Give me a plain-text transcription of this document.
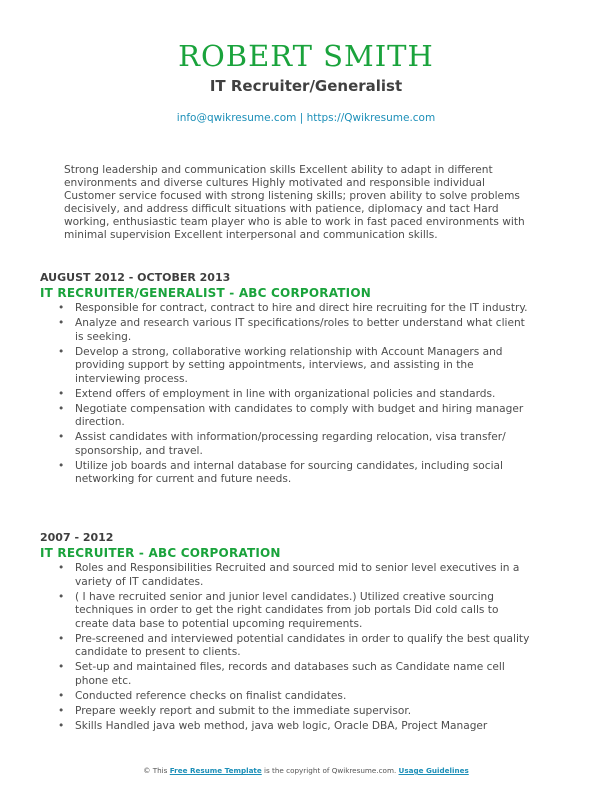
ROBERT SMITH
IT Recruiter/Generalist
info@qwikresume.com | https://Qwikresume.com
Strong leadership and communication skills Excellent ability to adapt in different environments and diverse cultures Highly motivated and responsible individual Customer service focused with strong listening skills; proven ability to solve problems decisively, and address difficult situations with patience, diplomacy and tact Hard working, enthusiastic team player who is able to work in fast paced environments with minimal supervision Excellent interpersonal and communication skills.
AUGUST 2012 - OCTOBER 2013
IT RECRUITER/GENERALIST - ABC CORPORATION
• Responsible for contract, contract to hire and direct hire recruiting for the IT industry.
• Analyze and research various IT specifications/roles to better understand what client is seeking.
• Develop a strong, collaborative working relationship with Account Managers and providing support by setting appointments, interviews, and assisting in the interviewing process.
• Extend offers of employment in line with organizational policies and standards.
• Negotiate compensation with candidates to comply with budget and hiring manager direction.
• Assist candidates with information/processing regarding relocation, visa transfer/ sponsorship, and travel.
• Utilize job boards and internal database for sourcing candidates, including social networking for current and future needs.
2007 - 2012
IT RECRUITER - ABC CORPORATION
• Roles and Responsibilities Recruited and sourced mid to senior level executives in a variety of IT candidates.
• ( I have recruited senior and junior level candidates.) Utilized creative sourcing techniques in order to get the right candidates from job portals Did cold calls to create data base to potential upcoming requirements.
• Pre-screened and interviewed potential candidates in order to qualify the best quality candidate to present to clients.
• Set-up and maintained files, records and databases such as Candidate name cell phone etc.
• Conducted reference checks on finalist candidates.
• Prepare weekly report and submit to the immediate supervisor.
• Skills Handled java web method, java web logic, Oracle DBA, Project Manager
© This Free Resume Template is the copyright of Qwikresume.com. Usage Guidelines
